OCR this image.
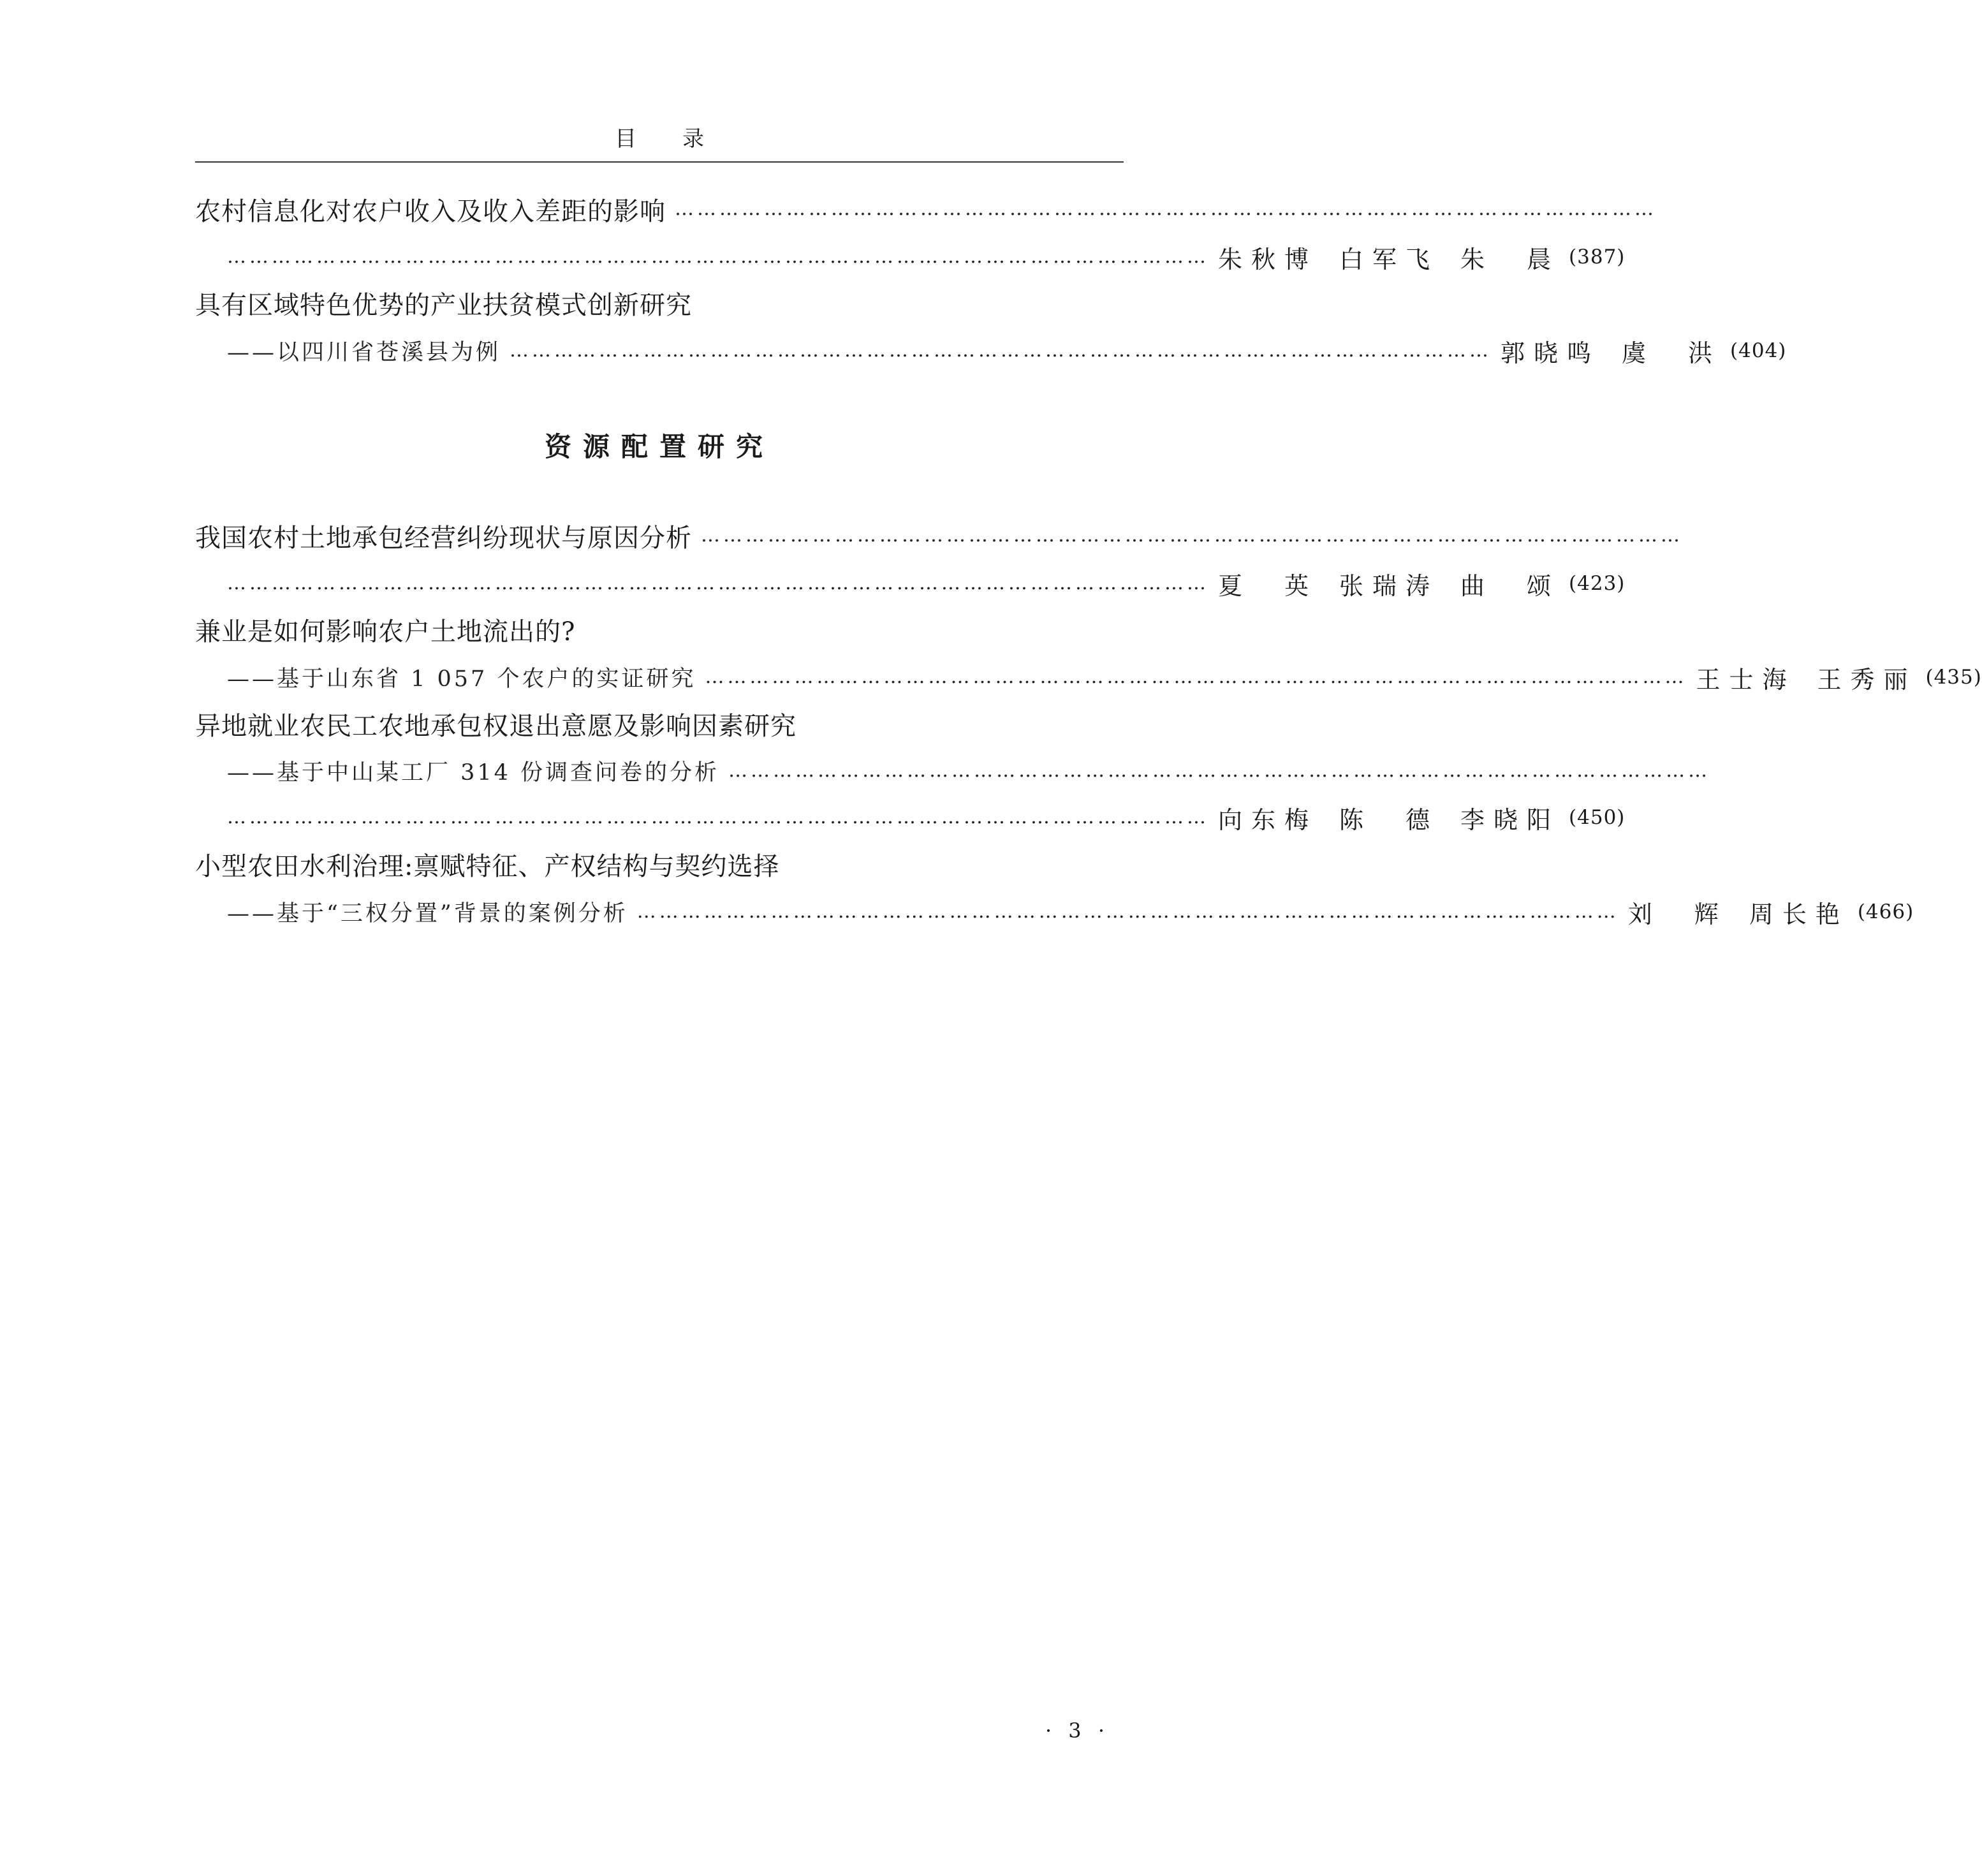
目 录
农村信息化对农户收入及收入差距的影响 ……………………………………………………………………………………………………………………
…………………………………………………………………………………………………………………… 朱秋博 白军飞 朱　晨 (387)
具有区域特色优势的产业扶贫模式创新研究
——以四川省苍溪县为例 …………………………………………………………………………………………………………………… 郭晓鸣 虞　洪 (404)
资源配置研究
我国农村土地承包经营纠纷现状与原因分析 ……………………………………………………………………………………………………………………
…………………………………………………………………………………………………………………… 夏　英 张瑞涛 曲　颂 (423)
兼业是如何影响农户土地流出的?
——基于山东省 1 057 个农户的实证研究 …………………………………………………………………………………………………………………… 王士海 王秀丽 (435)
异地就业农民工农地承包权退出意愿及影响因素研究
——基于中山某工厂 314 份调查问卷的分析 ……………………………………………………………………………………………………………………
…………………………………………………………………………………………………………………… 向东梅 陈　德 李晓阳 (450)
小型农田水利治理:禀赋特征、产权结构与契约选择
——基于“三权分置”背景的案例分析 …………………………………………………………………………………………………………………… 刘　辉 周长艳 (466)
· 3 ·
